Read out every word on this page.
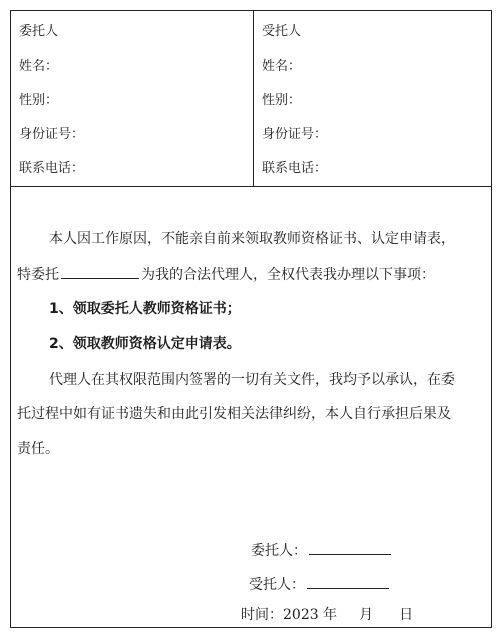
委托人
姓名：
性别：
身份证号：
联系电话：
受托人
姓名：
性别：
身份证号：
联系电话：
本人因工作原因，不能亲自前来领取教师资格证书、认定申请表，
特委托	为我的合法代理人，全权代表我办理以下事项：
1、领取委托人教师资格证书；
2、领取教师资格认定申请表。
代理人在其权限范围内签署的一切有关文件，我均予以承认，在委
托过程中如有证书遗失和由此引发相关法律纠纷，本人自行承担后果及
责任。
委托人：
受托人：
时间：2023 年 月 日
